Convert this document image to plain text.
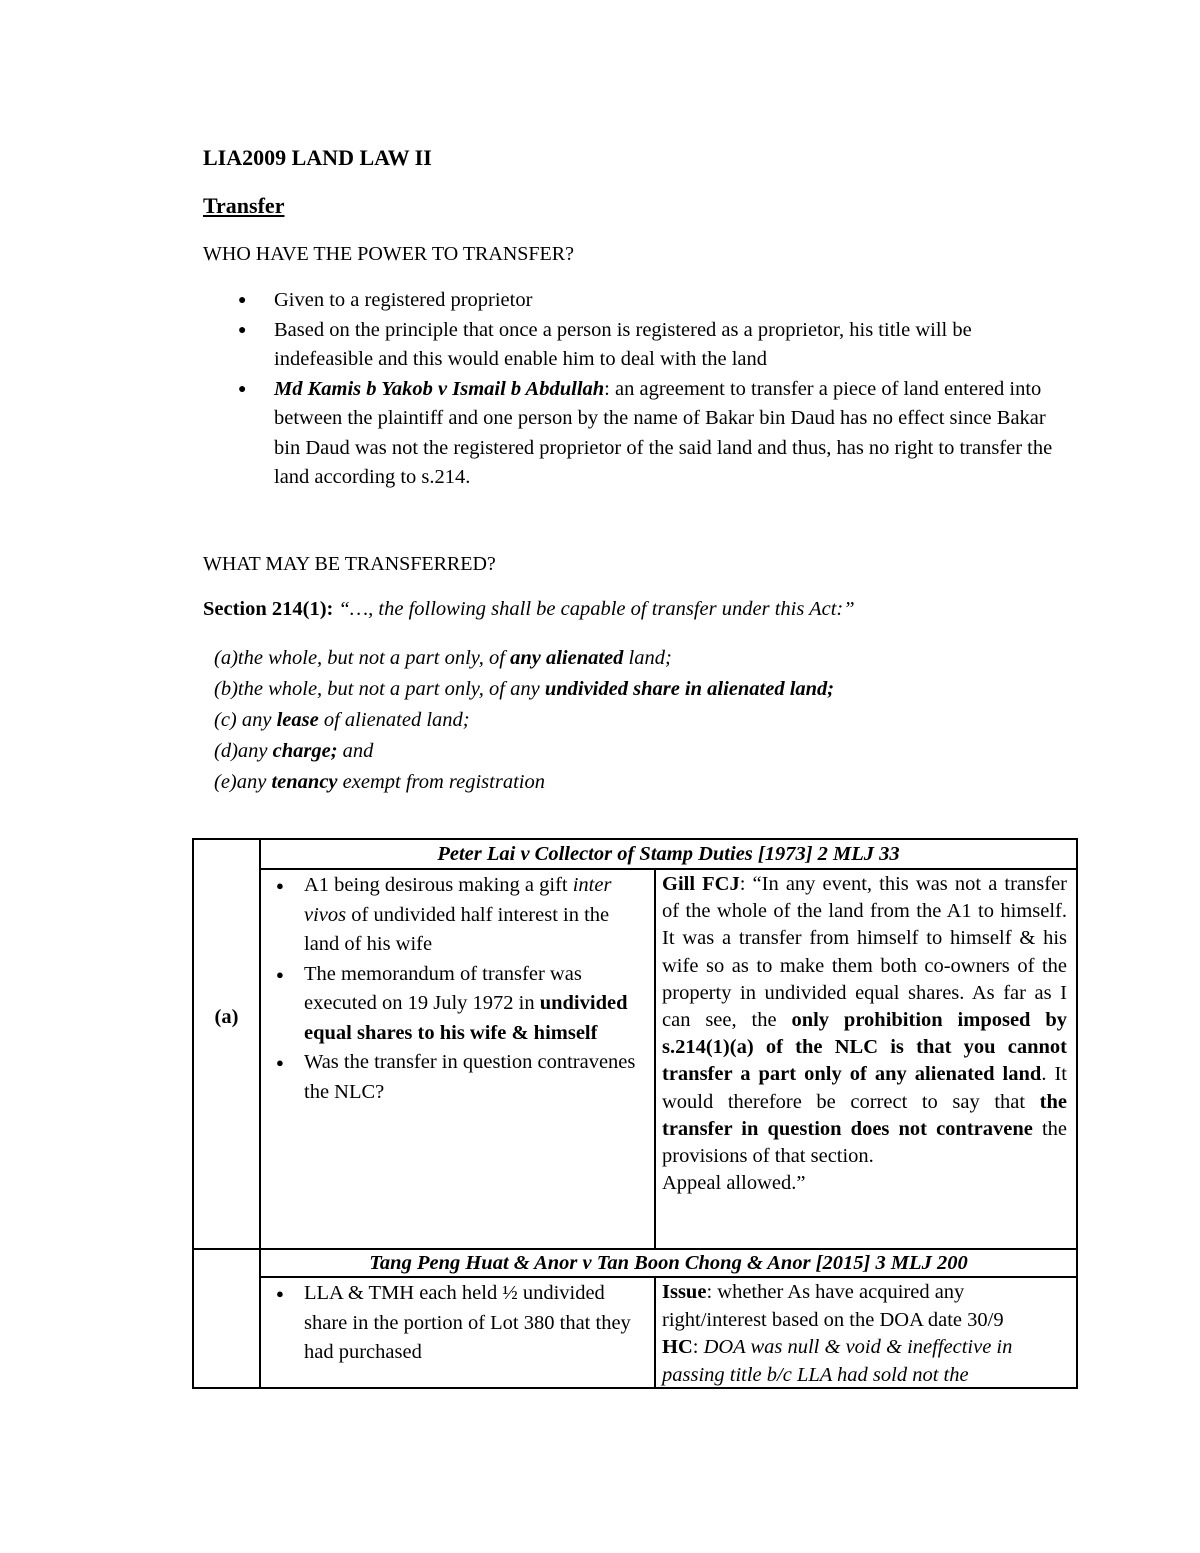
LIA2009 LAND LAW II
Transfer
WHO HAVE THE POWER TO TRANSFER?
● Given to a registered proprietor
● Based on the principle that once a person is registered as a proprietor, his title will be indefeasible and this would enable him to deal with the land
● Md Kamis b Yakob v Ismail b Abdullah: an agreement to transfer a piece of land entered into between the plaintiff and one person by the name of Bakar bin Daud has no effect since Bakar bin Daud was not the registered proprietor of the said land and thus, has no right to transfer the land according to s.214.
WHAT MAY BE TRANSFERRED?
Section 214(1): “…, the following shall be capable of transfer under this Act:”
(a)the whole, but not a part only, of any alienated land;
(b)the whole, but not a part only, of any undivided share in alienated land;
(c) any lease of alienated land;
(d)any charge; and
(e)any tenancy exempt from registration
(a)
Peter Lai v Collector of Stamp Duties [1973] 2 MLJ 33
● A1 being desirous making a gift inter vivos of undivided half interest in the land of his wife
● The memorandum of transfer was executed on 19 July 1972 in undivided equal shares to his wife & himself
● Was the transfer in question contravenes the NLC?
Gill FCJ: “In any event, this was not a transfer of the whole of the land from the A1 to himself. It was a transfer from himself to himself & his wife so as to make them both co-owners of the property in undivided equal shares. As far as I can see, the only prohibition imposed by s.214(1)(a) of the NLC is that you cannot transfer a part only of any alienated land. It would therefore be correct to say that the transfer in question does not contravene the provisions of that section.
Appeal allowed.”
Tang Peng Huat & Anor v Tan Boon Chong & Anor [2015] 3 MLJ 200
● LLA & TMH each held ½ undivided share in the portion of Lot 380 that they had purchased
Issue: whether As have acquired any right/interest based on the DOA date 30/9
HC: DOA was null & void & ineffective in passing title b/c LLA had sold not the
